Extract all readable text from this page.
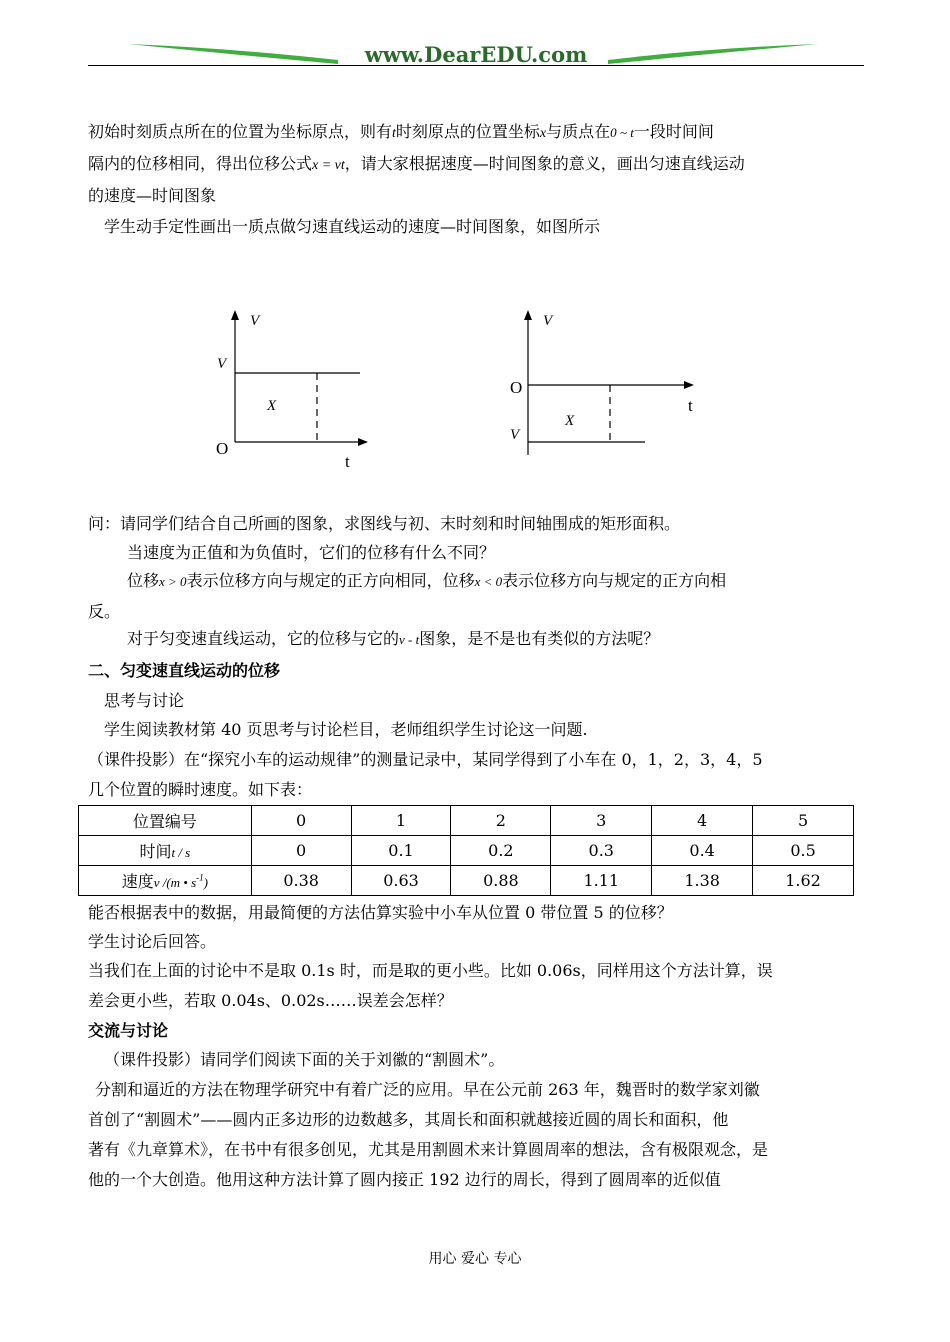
www.DearEDU.com
初始时刻质点所在的位置为坐标原点，则有t时刻原点的位置坐标x与质点在0 ~ t一段时间间
隔内的位移相同，得出位移公式x = vt，请大家根据速度—时间图象的意义，画出匀速直线运动
的速度—时间图象
学生动手定性画出一质点做匀速直线运动的速度—时间图象，如图所示
V
V
X
O
t
V
O
t
X
V
问：请同学们结合自己所画的图象，求图线与初、末时刻和时间轴围成的矩形面积。
当速度为正值和为负值时，它们的位移有什么不同？
位移x > 0表示位移方向与规定的正方向相同，位移x < 0表示位移方向与规定的正方向相
反。
对于匀变速直线运动，它的位移与它的v - t图象，是不是也有类似的方法呢？
二、匀变速直线运动的位移
思考与讨论
学生阅读教材第 40 页思考与讨论栏目，老师组织学生讨论这一问题.
（课件投影）在“探究小车的运动规律”的测量记录中，某同学得到了小车在 0，1，2，3，4，5
几个位置的瞬时速度。如下表：
位置编号	0	1	2	3	4	5
时间t / s	0	0.1	0.2	0.3	0.4	0.5
速度v /(m • $s^{-1}$)	0.38	0.63	0.88	1.11	1.38	1.62
能否根据表中的数据，用最简便的方法估算实验中小车从位置 0 带位置 5 的位移？
学生讨论后回答。
当我们在上面的讨论中不是取 0.1s 时，而是取的更小些。比如 0.06s，同样用这个方法计算，误
差会更小些，若取 0.04s、0.02s……误差会怎样？
交流与讨论
（课件投影）请同学们阅读下面的关于刘徽的“割圆术”。
分割和逼近的方法在物理学研究中有着广泛的应用。早在公元前 263 年，魏晋时的数学家刘徽
首创了“割圆术”——圆内正多边形的边数越多，其周长和面积就越接近圆的周长和面积，他
著有《九章算术》，在书中有很多创见，尤其是用割圆术来计算圆周率的想法，含有极限观念，是
他的一个大创造。他用这种方法计算了圆内接正 192 边行的周长，得到了圆周率的近似值
用心 爱心 专心
